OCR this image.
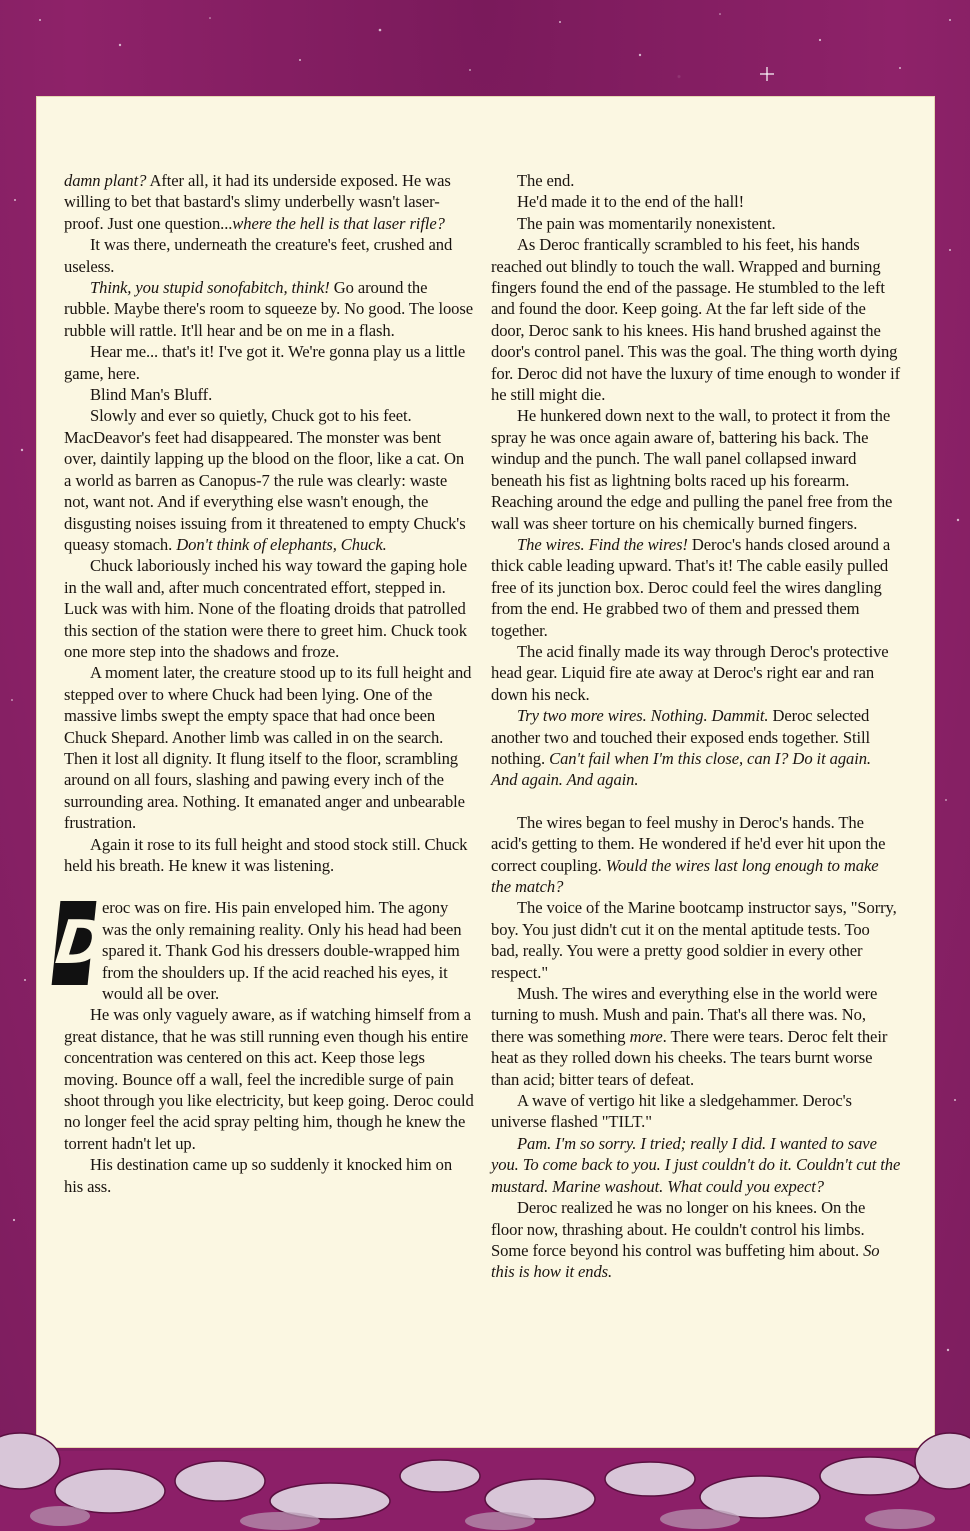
damn plant? After all, it had its underside exposed. He was willing to bet that bastard's slimy underbelly wasn't laser-proof. Just one question...where the hell is that laser rifle?

It was there, underneath the creature's feet, crushed and useless.

Think, you stupid sonofabitch, think! Go around the rubble. Maybe there's room to squeeze by. No good. The loose rubble will rattle. It'll hear and be on me in a flash.

Hear me... that's it! I've got it. We're gonna play us a little game, here.

Blind Man's Bluff.

Slowly and ever so quietly, Chuck got to his feet. MacDeavor's feet had disappeared. The monster was bent over, daintily lapping up the blood on the floor, like a cat. On a world as barren as Canopus-7 the rule was clearly: waste not, want not. And if everything else wasn't enough, the disgusting noises issuing from it threatened to empty Chuck's queasy stomach. Don't think of elephants, Chuck.

Chuck laboriously inched his way toward the gaping hole in the wall and, after much concentrated effort, stepped in. Luck was with him. None of the floating droids that patrolled this section of the station were there to greet him. Chuck took one more step into the shadows and froze.

A moment later, the creature stood up to its full height and stepped over to where Chuck had been lying. One of the massive limbs swept the empty space that had once been Chuck Shepard. Another limb was called in on the search. Then it lost all dignity. It flung itself to the floor, scrambling around on all fours, slashing and pawing every inch of the surrounding area. Nothing. It emanated anger and unbearable frustration.

Again it rose to its full height and stood stock still. Chuck held his breath. He knew it was listening.

D
eroc was on fire. His pain enveloped him. The agony was the only remaining reality. Only his head had been spared it. Thank God his dressers double-wrapped him from the shoulders up. If the acid reached his eyes, it would all be over.

He was only vaguely aware, as if watching himself from a great distance, that he was still running even though his entire concentration was centered on this act. Keep those legs moving. Bounce off a wall, feel the incredible surge of pain shoot through you like electricity, but keep going. Deroc could no longer feel the acid spray pelting him, though he knew the torrent hadn't let up.

His destination came up so suddenly it knocked him on his ass.

The end.

He'd made it to the end of the hall!

The pain was momentarily nonexistent.

As Deroc frantically scrambled to his feet, his hands reached out blindly to touch the wall. Wrapped and burning fingers found the end of the passage. He stumbled to the left and found the door. Keep going. At the far left side of the door, Deroc sank to his knees. His hand brushed against the door's control panel. This was the goal. The thing worth dying for. Deroc did not have the luxury of time enough to wonder if he still might die.

He hunkered down next to the wall, to protect it from the spray he was once again aware of, battering his back. The windup and the punch. The wall panel collapsed inward beneath his fist as lightning bolts raced up his forearm. Reaching around the edge and pulling the panel free from the wall was sheer torture on his chemically burned fingers.

The wires. Find the wires! Deroc's hands closed around a thick cable leading upward. That's it! The cable easily pulled free of its junction box. Deroc could feel the wires dangling from the end. He grabbed two of them and pressed them together.

The acid finally made its way through Deroc's protective head gear. Liquid fire ate away at Deroc's right ear and ran down his neck.

Try two more wires. Nothing. Dammit. Deroc selected another two and touched their exposed ends together. Still nothing. Can't fail when I'm this close, can I? Do it again. And again. And again.

The wires began to feel mushy in Deroc's hands. The acid's getting to them. He wondered if he'd ever hit upon the correct coupling. Would the wires last long enough to make the match?

The voice of the Marine bootcamp instructor says, "Sorry, boy. You just didn't cut it on the mental aptitude tests. Too bad, really. You were a pretty good soldier in every other respect."

Mush. The wires and everything else in the world were turning to mush. Mush and pain. That's all there was. No, there was something more. There were tears. Deroc felt their heat as they rolled down his cheeks. The tears burnt worse than acid; bitter tears of defeat.

A wave of vertigo hit like a sledgehammer. Deroc's universe flashed "TILT."

Pam. I'm so sorry. I tried; really I did. I wanted to save you. To come back to you. I just couldn't do it. Couldn't cut the mustard. Marine washout. What could you expect?

Deroc realized he was no longer on his knees. On the floor now, thrashing about. He couldn't control his limbs. Some force beyond his control was buffeting him about. So this is how it ends.
